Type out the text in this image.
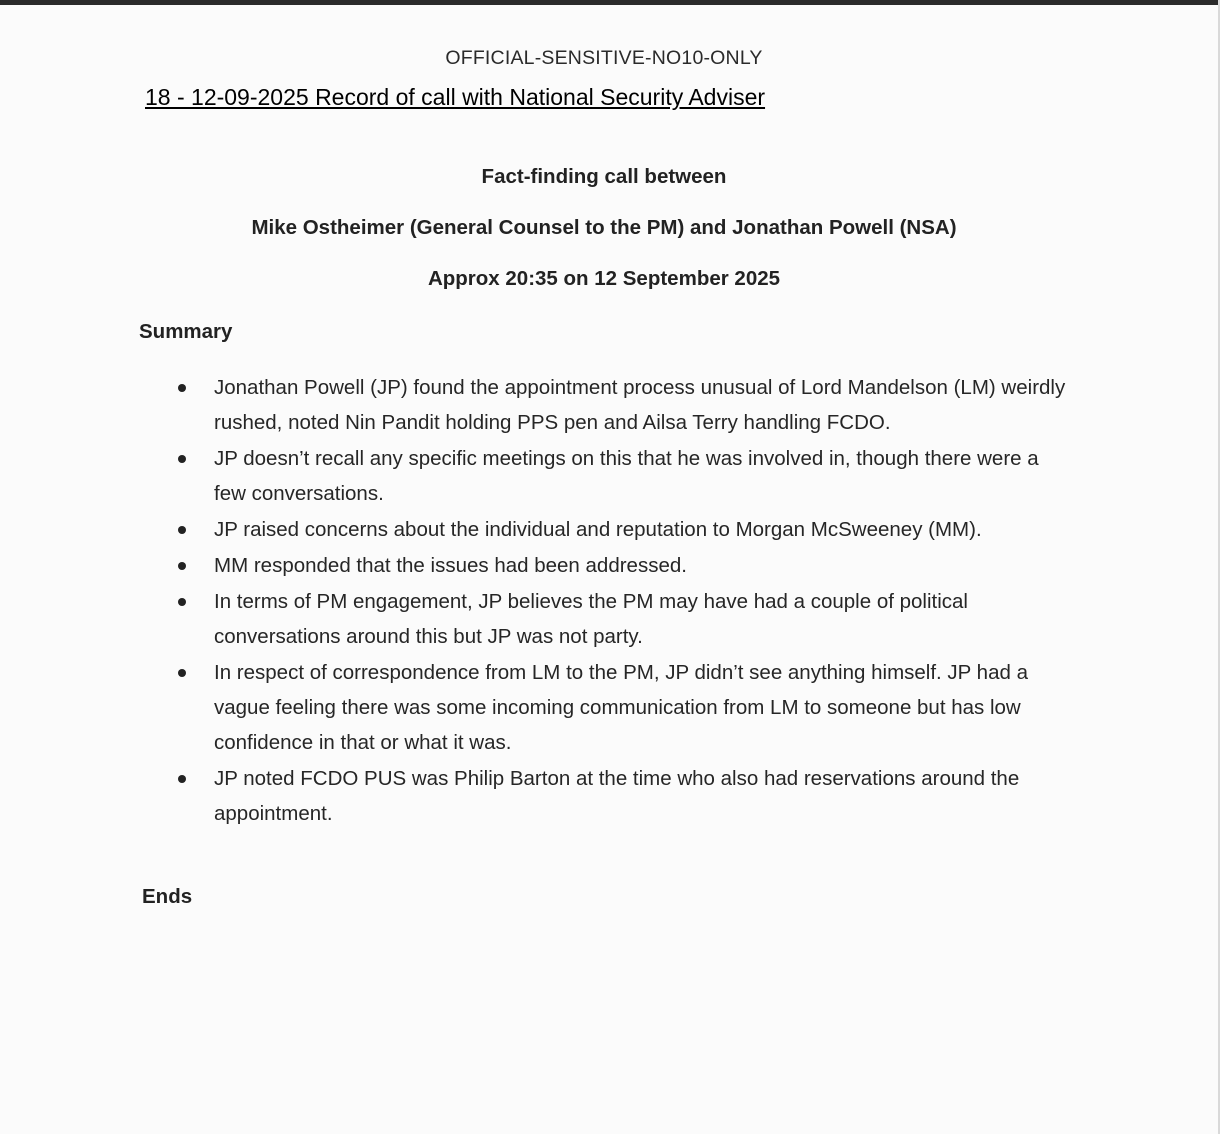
OFFICIAL-SENSITIVE-NO10-ONLY
18 - 12-09-2025 Record of call with National Security Adviser
Fact-finding call between
Mike Ostheimer (General Counsel to the PM) and Jonathan Powell (NSA)
Approx 20:35 on 12 September 2025
Summary
Jonathan Powell (JP) found the appointment process unusual of Lord Mandelson (LM) weirdly rushed, noted Nin Pandit holding PPS pen and Ailsa Terry handling FCDO.
JP doesn’t recall any specific meetings on this that he was involved in, though there were a few conversations.
JP raised concerns about the individual and reputation to Morgan McSweeney (MM).
MM responded that the issues had been addressed.
In terms of PM engagement, JP believes the PM may have had a couple of political conversations around this but JP was not party.
In respect of correspondence from LM to the PM, JP didn’t see anything himself. JP had a vague feeling there was some incoming communication from LM to someone but has low confidence in that or what it was.
JP noted FCDO PUS was Philip Barton at the time who also had reservations around the appointment.
Ends
